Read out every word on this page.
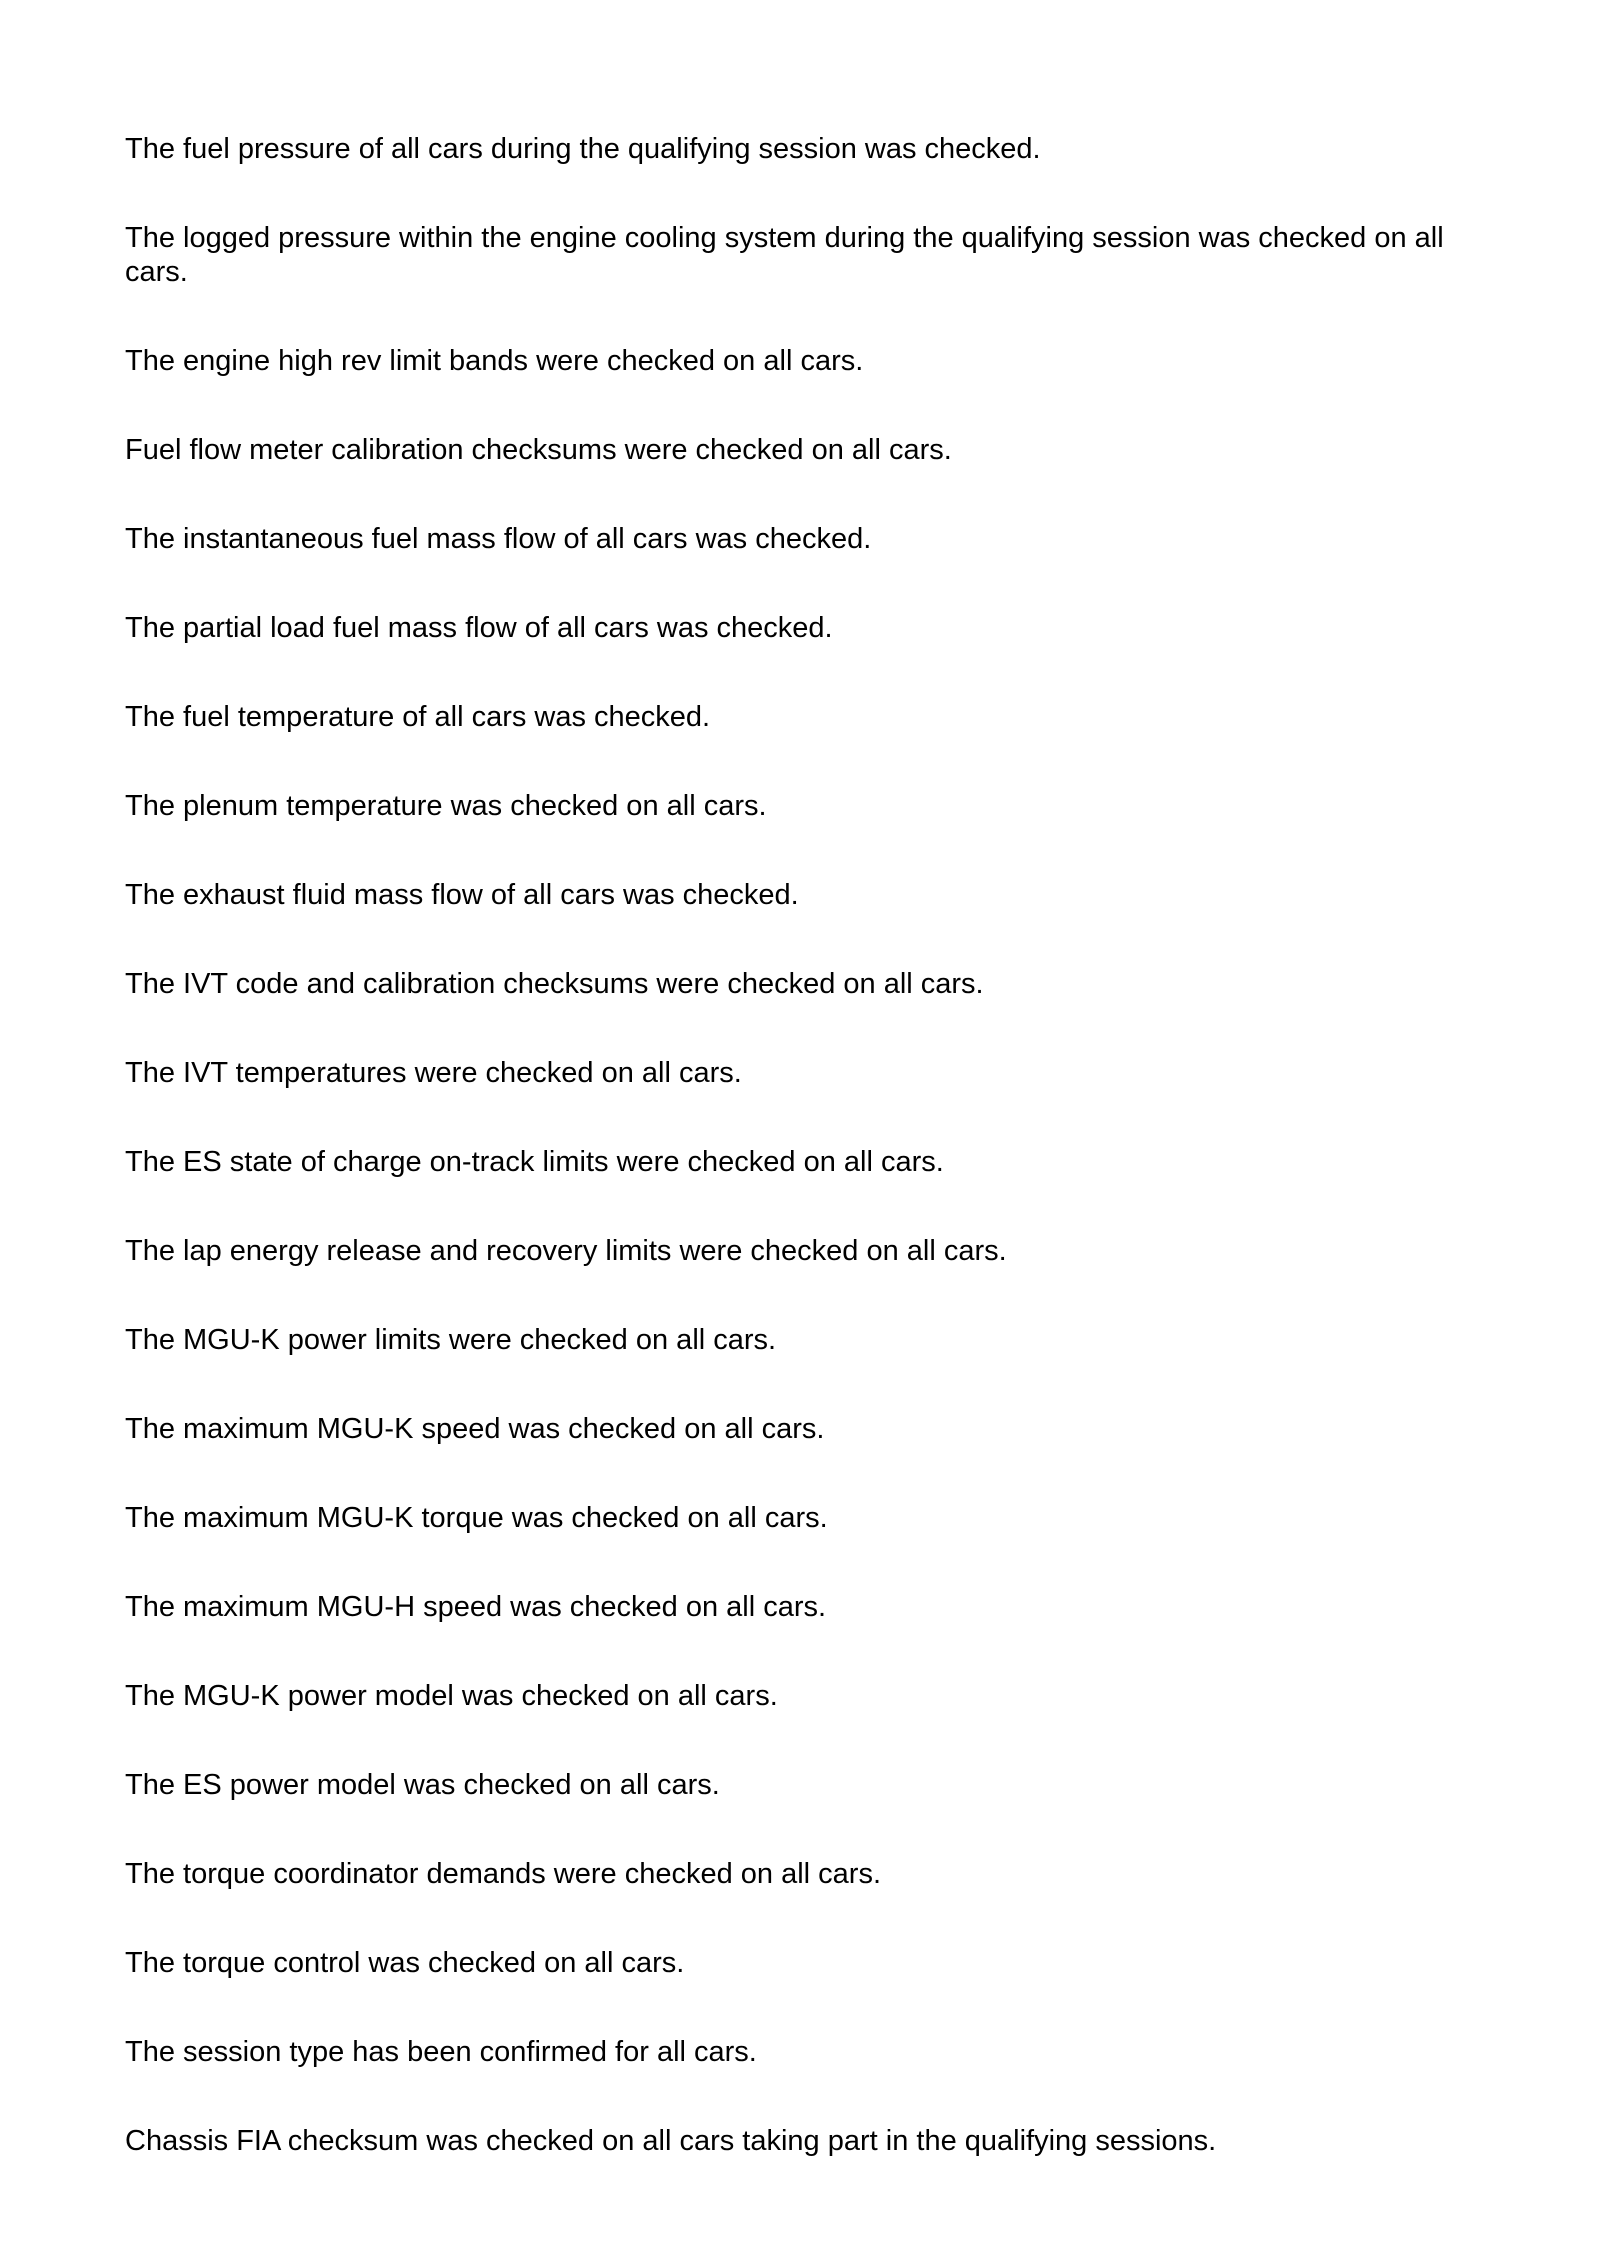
The fuel pressure of all cars during the qualifying session was checked.

The logged pressure within the engine cooling system during the qualifying session was checked on all cars.

The engine high rev limit bands were checked on all cars.

Fuel flow meter calibration checksums were checked on all cars.

The instantaneous fuel mass flow of all cars was checked.

The partial load fuel mass flow of all cars was checked.

The fuel temperature of all cars was checked.

The plenum temperature was checked on all cars.

The exhaust fluid mass flow of all cars was checked.

The IVT code and calibration checksums were checked on all cars.

The IVT temperatures were checked on all cars.

The ES state of charge on-track limits were checked on all cars.

The lap energy release and recovery limits were checked on all cars.

The MGU-K power limits were checked on all cars.

The maximum MGU-K speed was checked on all cars.

The maximum MGU-K torque was checked on all cars.

The maximum MGU-H speed was checked on all cars.

The MGU-K power model was checked on all cars.

The ES power model was checked on all cars.

The torque coordinator demands were checked on all cars.

The torque control was checked on all cars.

The session type has been confirmed for all cars.

Chassis FIA checksum was checked on all cars taking part in the qualifying sessions.
